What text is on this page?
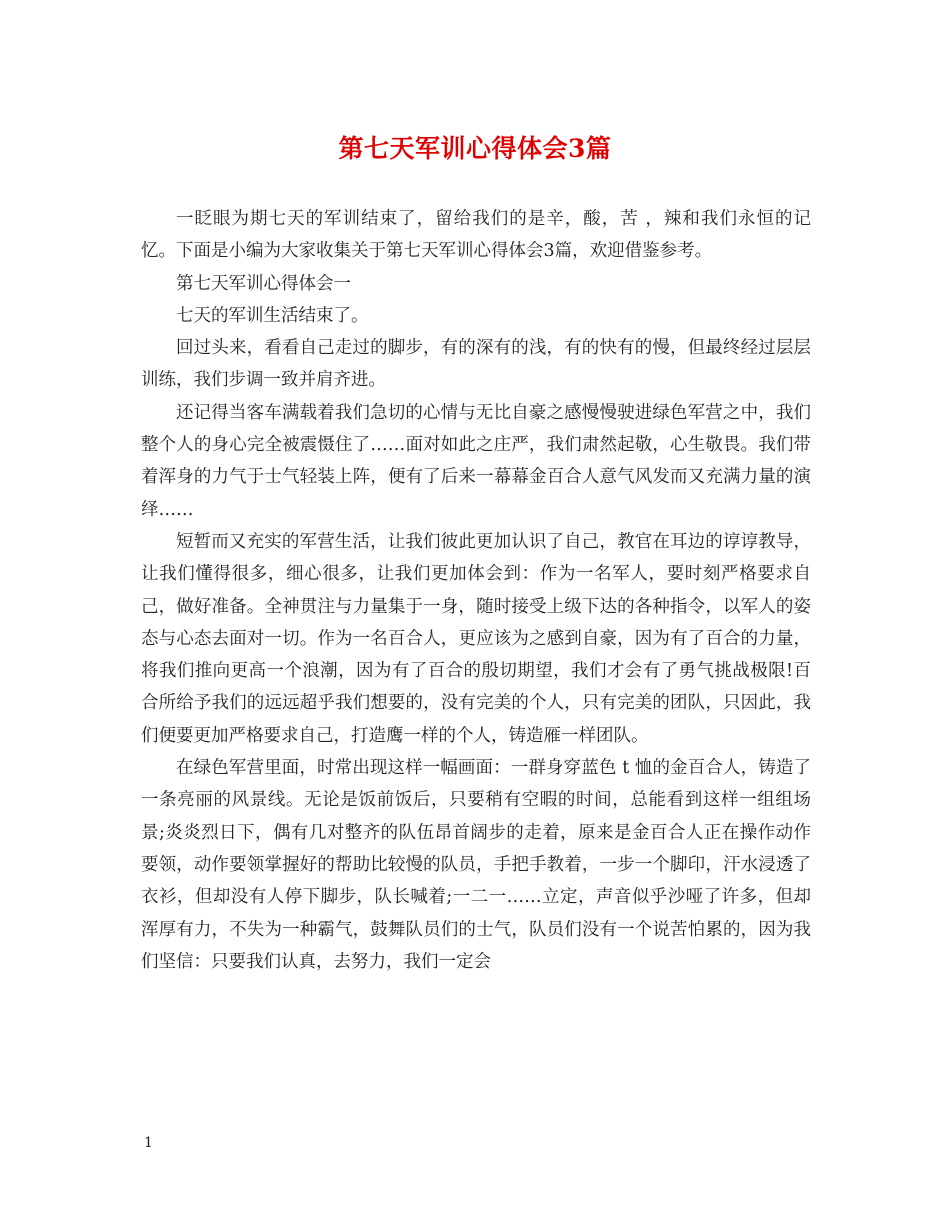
第七天军训心得体会3篇

一眨眼为期七天的军训结束了，留给我们的是辛，酸，苦 ，辣和我们永恒的记忆。下面是小编为大家收集关于第七天军训心得体会3篇，欢迎借鉴参考。

第七天军训心得体会一

七天的军训生活结束了。

回过头来，看看自己走过的脚步，有的深有的浅，有的快有的慢，但最终经过层层训练，我们步调一致并肩齐进。

还记得当客车满载着我们急切的心情与无比自豪之感慢慢驶进绿色军营之中，我们整个人的身心完全被震慑住了……面对如此之庄严，我们肃然起敬，心生敬畏。我们带着浑身的力气于士气轻装上阵，便有了后来一幕幕金百合人意气风发而又充满力量的演绎……

短暂而又充实的军营生活，让我们彼此更加认识了自己，教官在耳边的谆谆教导，让我们懂得很多，细心很多，让我们更加体会到：作为一名军人，要时刻严格要求自己，做好准备。全神贯注与力量集于一身，随时接受上级下达的各种指令，以军人的姿态与心态去面对一切。作为一名百合人，更应该为之感到自豪，因为有了百合的力量，将我们推向更高一个浪潮，因为有了百合的殷切期望，我们才会有了勇气挑战极限!百合所给予我们的远远超乎我们想要的，没有完美的个人，只有完美的团队，只因此，我们便要更加严格要求自己，打造鹰一样的个人，铸造雁一样团队。

在绿色军营里面，时常出现这样一幅画面：一群身穿蓝色 t 恤的金百合人，铸造了一条亮丽的风景线。无论是饭前饭后，只要稍有空暇的时间，总能看到这样一组组场景;炎炎烈日下，偶有几对整齐的队伍昂首阔步的走着，原来是金百合人正在操作动作要领，动作要领掌握好的帮助比较慢的队员，手把手教着，一步一个脚印，汗水浸透了衣衫，但却没有人停下脚步，队长喊着;一二一……立定，声音似乎沙哑了许多，但却浑厚有力，不失为一种霸气，鼓舞队员们的士气，队员们没有一个说苦怕累的，因为我们坚信：只要我们认真，去努力，我们一定会

1
